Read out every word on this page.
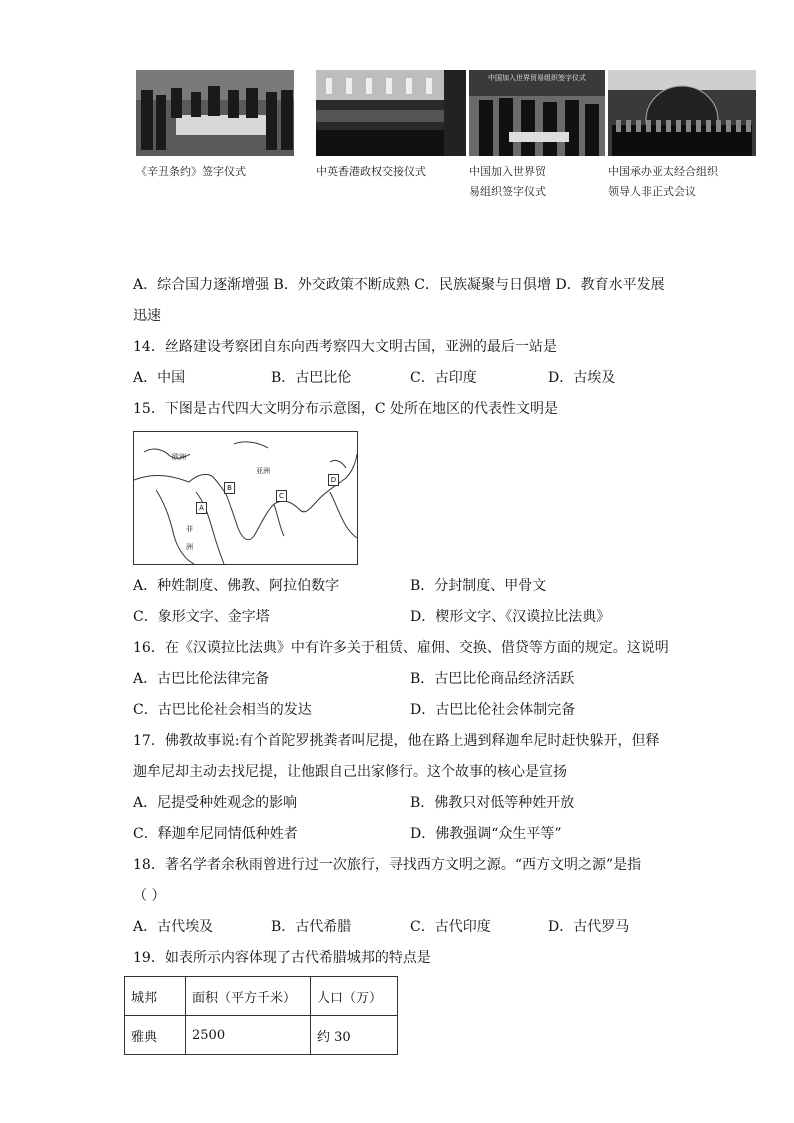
《辛丑条约》签字仪式	中英香港政权交接仪式
中国加入世界贸易组织签字仪式
中国加入世界贸
易组织签字仪式
中国承办亚太经合组织
领导人非正式会议
A．综合国力逐渐增强 B．外交政策不断成熟 C．民族凝聚与日俱增 D．教育水平发展
迅速
14．丝路建设考察团自东向西考察四大文明古国，亚洲的最后一站是
A．中国	B．古巴比伦	C．古印度	D．古埃及
15．下图是古代四大文明分布示意图，C 处所在地区的代表性文明是
欧洲
亚洲
非
洲
A
B
C
D
A．种姓制度、佛教、阿拉伯数字	B．分封制度、甲骨文
C．象形文字、金字塔	D．楔形文字、《汉谟拉比法典》
16．在《汉谟拉比法典》中有许多关于租赁、雇佣、交换、借贷等方面的规定。这说明
A．古巴比伦法律完备	B．古巴比伦商品经济活跃
C．古巴比伦社会相当的发达	D．古巴比伦社会体制完备
17．佛教故事说:有个首陀罗挑粪者叫尼提，他在路上遇到释迦牟尼时赶快躲开，但释
迦牟尼却主动去找尼提，让他跟自己出家修行。这个故事的核心是宣扬
A．尼提受种姓观念的影响	B．佛教只对低等种姓开放
C．释迦牟尼同情低种姓者	D．佛教强调“众生平等”
18．著名学者余秋雨曾进行过一次旅行，寻找西方文明之源。“西方文明之源”是指
（ ）
A．古代埃及	B．古代希腊	C．古代印度	D．古代罗马
19．如表所示内容体现了古代希腊城邦的特点是
城邦	面积（平方千米）	人口（万）
雅典	2500	约 30
